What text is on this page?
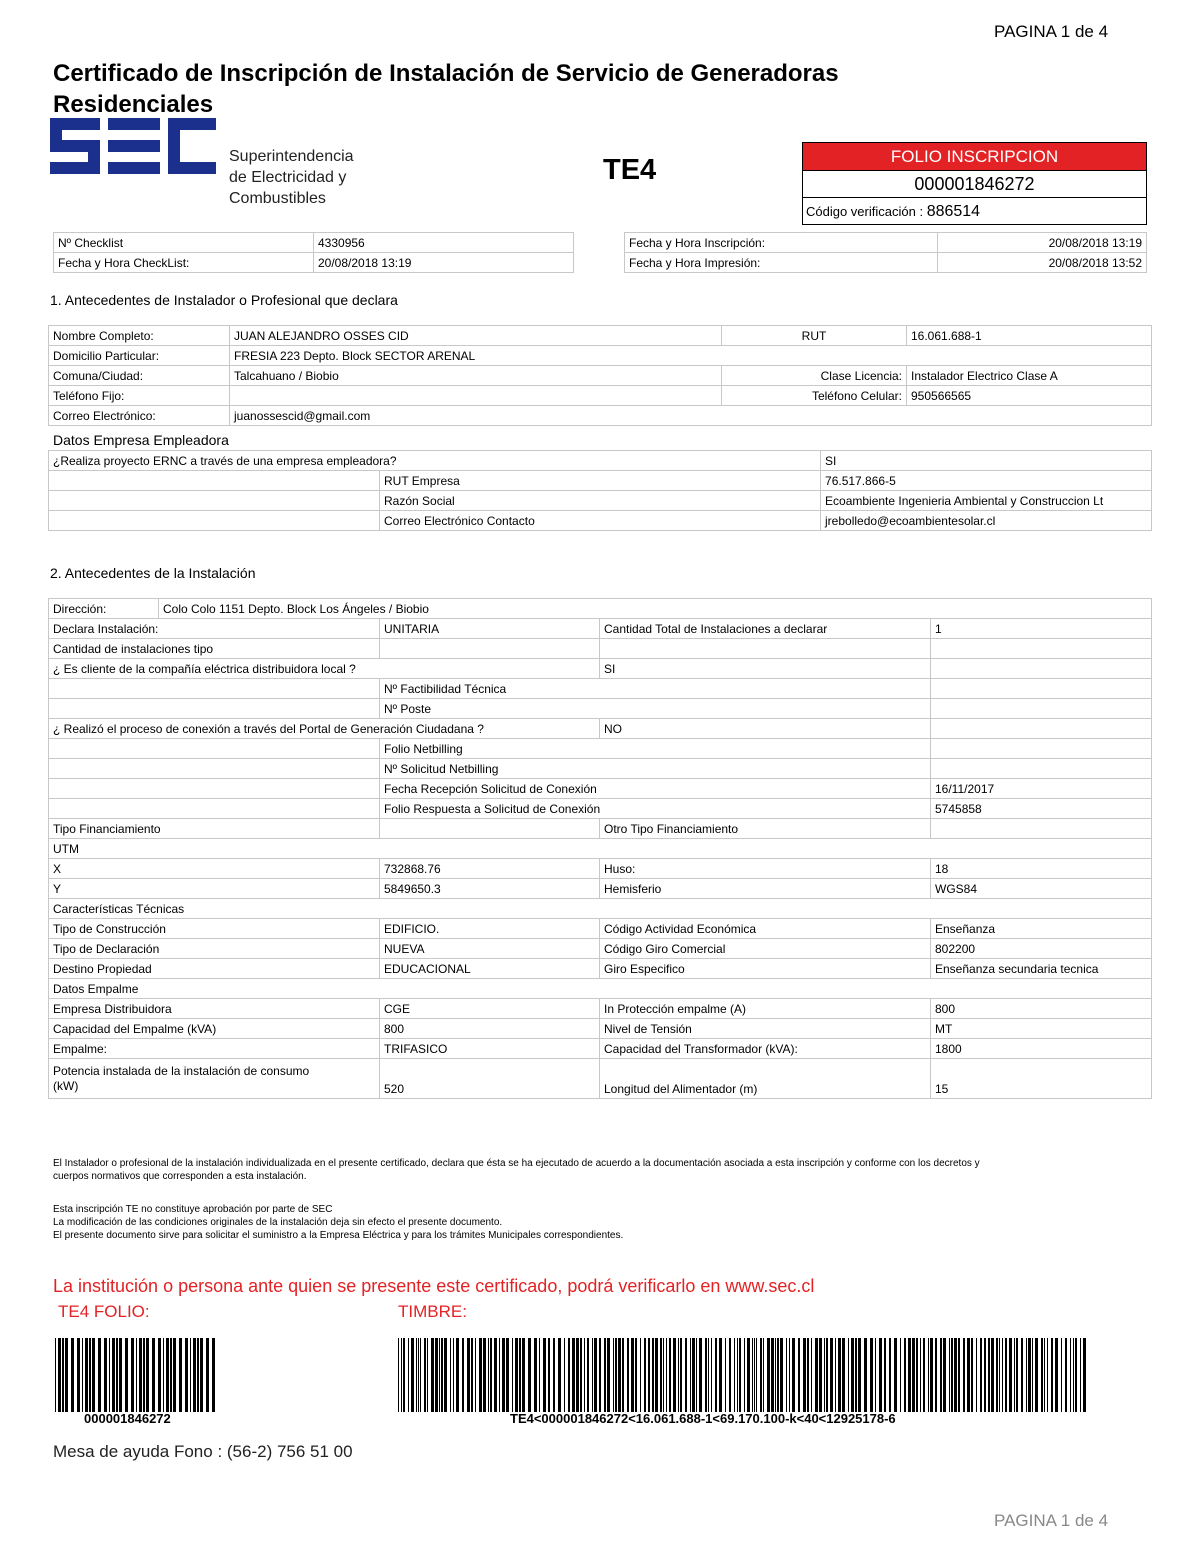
PAGINA 1 de 4
Certificado de Inscripción de Instalación de Servicio de Generadoras Residenciales
Superintendencia
de Electricidad y
Combustibles
TE4	FOLIO INSCRIPCION
000001846272
Código verificación : 886514
Nº Checklist	4330956
Fecha y Hora CheckList:	20/08/2018 13:19
Fecha y Hora Inscripción:	20/08/2018 13:19
Fecha y Hora Impresión:	20/08/2018 13:52
1. Antecedentes de Instalador o Profesional que declara
Nombre Completo:	JUAN ALEJANDRO OSSES CID	RUT	16.061.688-1
Domicilio Particular:	FRESIA 223 Depto. Block SECTOR ARENAL		
Comuna/Ciudad:	Talcahuano / Biobio	Clase Licencia:	Instalador Electrico Clase A
Teléfono Fijo:		Teléfono Celular:	950566565
Correo Electrónico:	juanossescid@gmail.com		
Datos Empresa Empleadora
¿Realiza proyecto ERNC a través de una empresa empleadora?		SI
	RUT Empresa	76.517.866-5
	Razón Social	Ecoambiente Ingenieria Ambiental y Construccion Lt
	Correo Electrónico Contacto	jrebolledo@ecoambientesolar.cl
2. Antecedentes de la Instalación
Dirección:	Colo Colo 1151 Depto. Block Los Ángeles / Biobio			
Declara Instalación:		UNITARIA	Cantidad Total de Instalaciones a declarar	1
Cantidad de instalaciones tipo				
¿ Es cliente de la compañía eléctrica distribuidora local ?			SI	
		Nº Factibilidad Técnica		
		Nº Poste		
¿ Realizó el proceso de conexión a través del Portal de Generación Ciudadana ?			NO	
		Folio Netbilling		
		Nº Solicitud Netbilling		
		Fecha Recepción Solicitud de Conexión		16/11/2017
		Folio Respuesta a Solicitud de Conexión		5745858
Tipo Financiamiento			Otro Tipo Financiamiento	
UTM				
X		732868.76	Huso:	18
Y		5849650.3	Hemisferio	WGS84
Características Técnicas				
Tipo de Construcción		EDIFICIO.	Código Actividad Económica	Enseñanza
Tipo de Declaración		NUEVA	Código Giro Comercial	802200
Destino Propiedad		EDUCACIONAL	Giro Especifico	Enseñanza secundaria tecnica
Datos Empalme				
Empresa Distribuidora		CGE	In Protección empalme (A)	800
Capacidad del Empalme (kVA)		800	Nivel de Tensión	MT
Empalme:		TRIFASICO	Capacidad del Transformador (kVA):	1800

Potencia instalada de la instalación de consumo
(kW)		520	Longitud del Alimentador (m)	15
El Instalador o profesional de la instalación individualizada en el presente certificado, declara que ésta se ha ejecutado de acuerdo a la documentación asociada a esta inscripción y conforme con los decretos y
cuerpos normativos que corresponden a esta instalación.
Esta inscripción TE no constituye aprobación por parte de SEC
La modificación de las condiciones originales de la instalación deja sin efecto el presente documento.
El presente documento sirve para solicitar el suministro a la Empresa Eléctrica y para los trámites Municipales correspondientes.
La institución o persona ante quien se presente este certificado, podrá verificarlo en www.sec.cl
TE4 FOLIO:	TIMBRE:
000001846272	TE4<000001846272<16.061.688-1<69.170.100-k<40<12925178-6
Mesa de ayuda Fono : (56-2) 756 51 00
PAGINA 1 de 4
